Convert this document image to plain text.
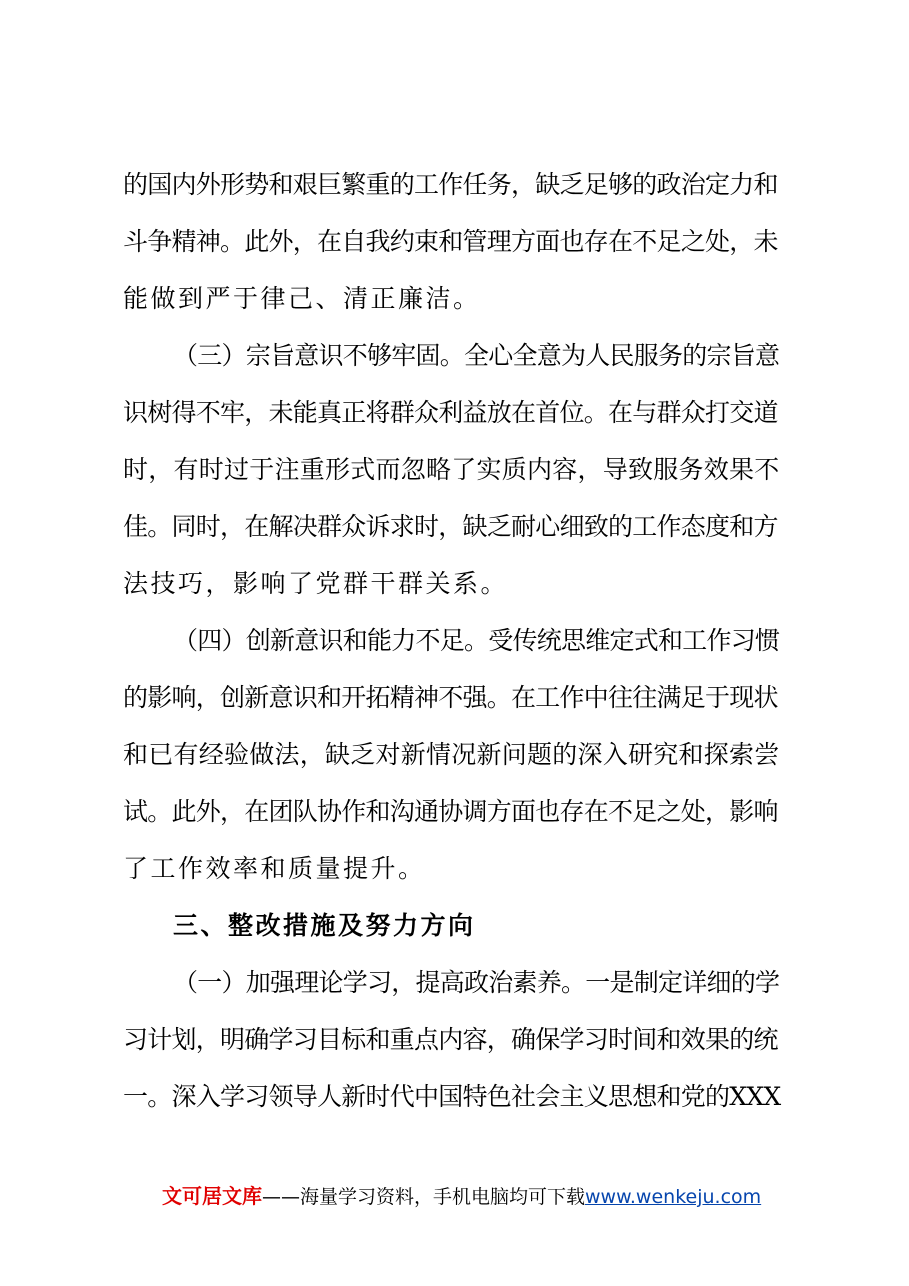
的国内外形势和艰巨繁重的工作任务，缺乏足够的政治定力和
斗争精神。此外，在自我约束和管理方面也存在不足之处，未
能做到严于律己、清正廉洁。
（三）宗旨意识不够牢固。全心全意为人民服务的宗旨意
识树得不牢，未能真正将群众利益放在首位。在与群众打交道
时，有时过于注重形式而忽略了实质内容，导致服务效果不
佳。同时，在解决群众诉求时，缺乏耐心细致的工作态度和方
法技巧，影响了党群干群关系。
（四）创新意识和能力不足。受传统思维定式和工作习惯
的影响，创新意识和开拓精神不强。在工作中往往满足于现状
和已有经验做法，缺乏对新情况新问题的深入研究和探索尝
试。此外，在团队协作和沟通协调方面也存在不足之处，影响
了工作效率和质量提升。
三、整改措施及努力方向
（一）加强理论学习，提高政治素养。一是制定详细的学
习计划，明确学习目标和重点内容，确保学习时间和效果的统
一。深入学习领导人新时代中国特色社会主义思想和党的XXX
文可居文库——海量学习资料，手机电脑均可下载www.wenkeju.com
